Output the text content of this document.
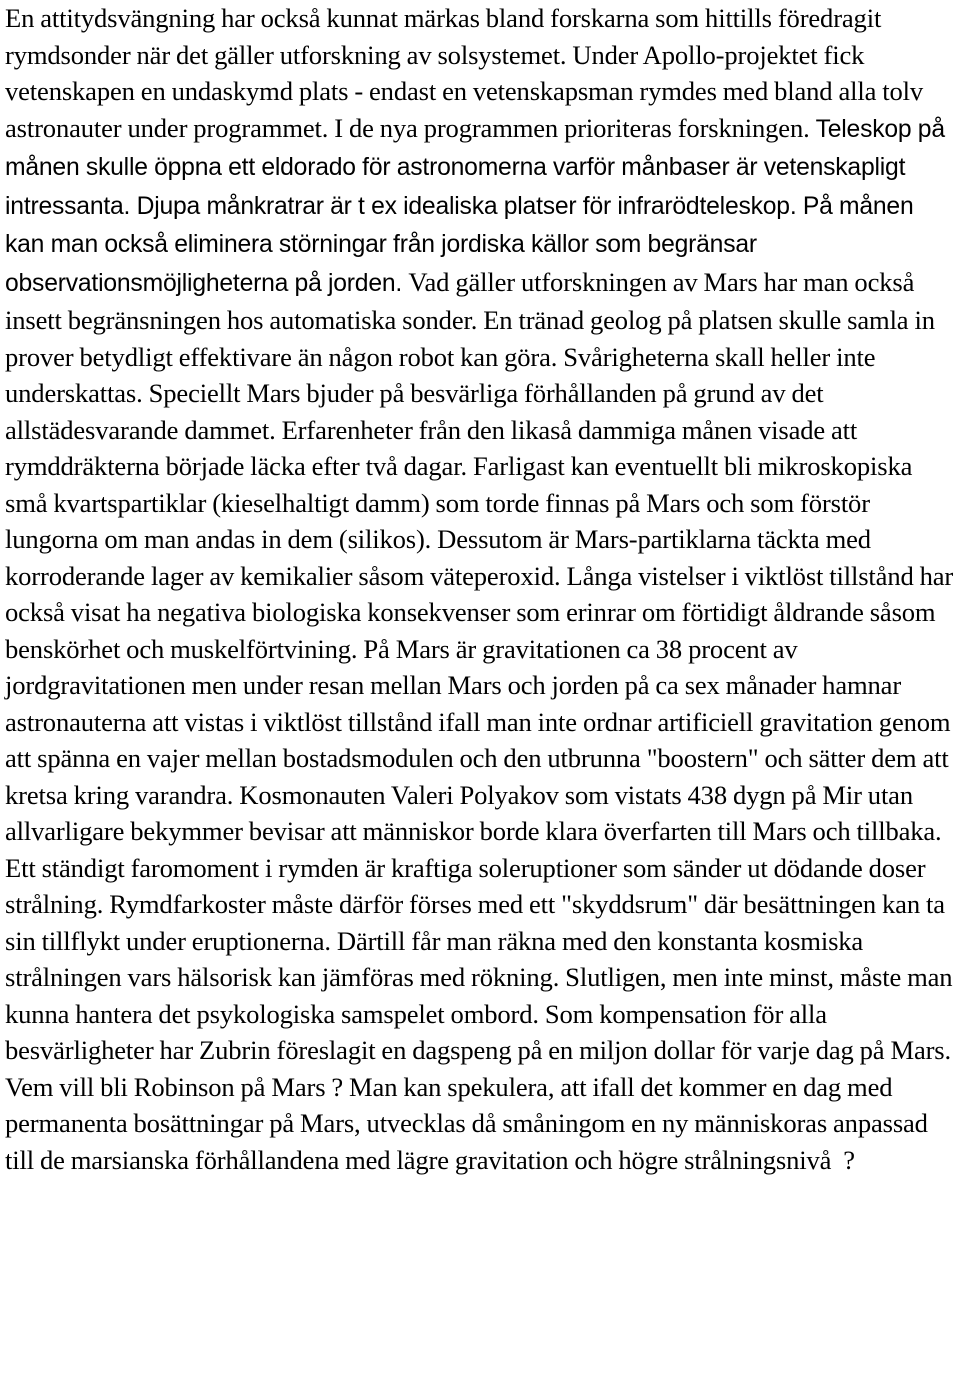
En attitydsvängning har också kunnat märkas bland forskarna som hittills föredragit rymdsonder när det gäller utforskning av solsystemet. Under Apollo-projektet fick vetenskapen en undaskymd plats - endast en vetenskapsman rymdes med bland alla tolv astronauter under programmet. I de nya programmen prioriteras forskningen. Teleskop på månen skulle öppna ett eldorado för astronomerna varför månbaser är vetenskapligt intressanta. Djupa månkratrar är t ex idealiska platser för infrarödteleskop. På månen kan man också eliminera störningar från jordiska källor som begränsar observationsmöjligheterna på jorden. Vad gäller utforskningen av Mars har man också insett begränsningen hos automatiska sonder. En tränad geolog på platsen skulle samla in prover betydligt effektivare än någon robot kan göra. Svårigheterna skall heller inte underskattas. Speciellt Mars bjuder på besvärliga förhållanden på grund av det allstädesvarande dammet. Erfarenheter från den likaså dammiga månen visade att rymddräkterna började läcka efter två dagar. Farligast kan eventuellt bli mikroskopiska små kvartspartiklar (kieselhaltigt damm) som torde finnas på Mars och som förstör lungorna om man andas in dem (silikos). Dessutom är Mars-partiklarna täckta med korroderande lager av kemikalier såsom väteperoxid. Långa vistelser i viktlöst tillstånd har också visat ha negativa biologiska konsekvenser som erinrar om förtidigt åldrande såsom benskörhet och muskelförtvining. På Mars är gravitationen ca 38 procent av jordgravitationen men under resan mellan Mars och jorden på ca sex månader hamnar astronauterna att vistas i viktlöst tillstånd ifall man inte ordnar artificiell gravitation genom att spänna en vajer mellan bostadsmodulen och den utbrunna "boostern" och sätter dem att kretsa kring varandra. Kosmonauten Valeri Polyakov som vistats 438 dygn på Mir utan allvarligare bekymmer bevisar att människor borde klara överfarten till Mars och tillbaka. Ett ständigt faromoment i rymden är kraftiga soleruptioner som sänder ut dödande doser strålning. Rymdfarkoster måste därför förses med ett "skyddsrum" där besättningen kan ta sin tillflykt under eruptionerna. Därtill får man räkna med den konstanta kosmiska strålningen vars hälsorisk kan jämföras med rökning. Slutligen, men inte minst, måste man kunna hantera det psykologiska samspelet ombord. Som kompensation för alla besvärligheter har Zubrin föreslagit en dagspeng på en miljon dollar för varje dag på Mars. Vem vill bli Robinson på Mars ? Man kan spekulera, att ifall det kommer en dag med permanenta bosättningar på Mars, utvecklas då småningom en ny människoras anpassad till de marsianska förhållandena med lägre gravitation och högre strålningsnivå  ?
